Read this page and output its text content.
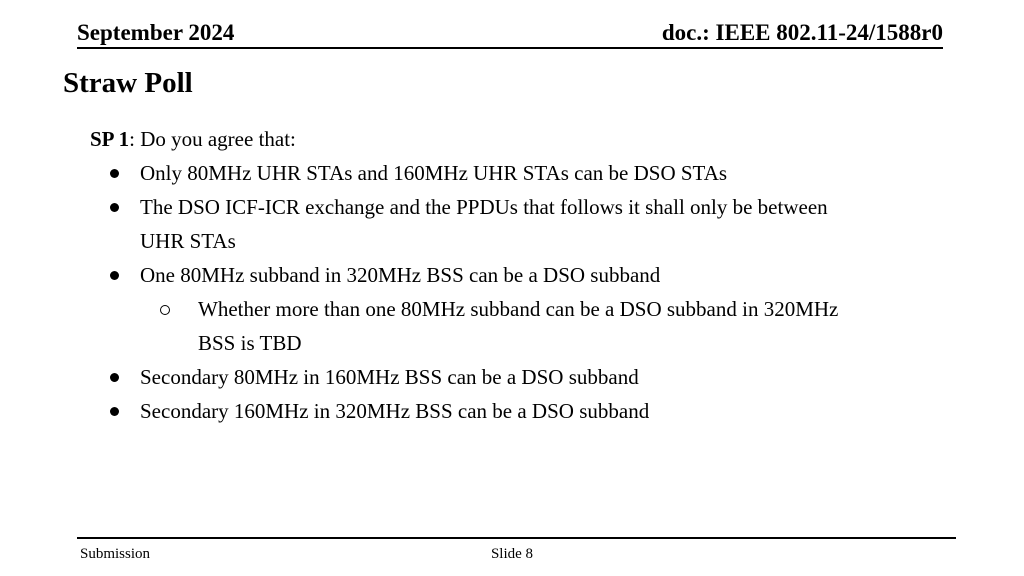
September 2024	doc.: IEEE 802.11-24/1588r0
Straw Poll
SP 1: Do you agree that:
Only 80MHz UHR STAs and 160MHz UHR STAs can be DSO STAs
The DSO ICF-ICR exchange and the PPDUs that follows it shall only be between
UHR STAs
One 80MHz subband in 320MHz BSS can be a DSO subband
Whether more than one 80MHz subband can be a DSO subband in 320MHz
BSS is TBD
Secondary 80MHz in 160MHz BSS can be a DSO subband
Secondary 160MHz in 320MHz BSS can be a DSO subband
Submission	Slide 8
